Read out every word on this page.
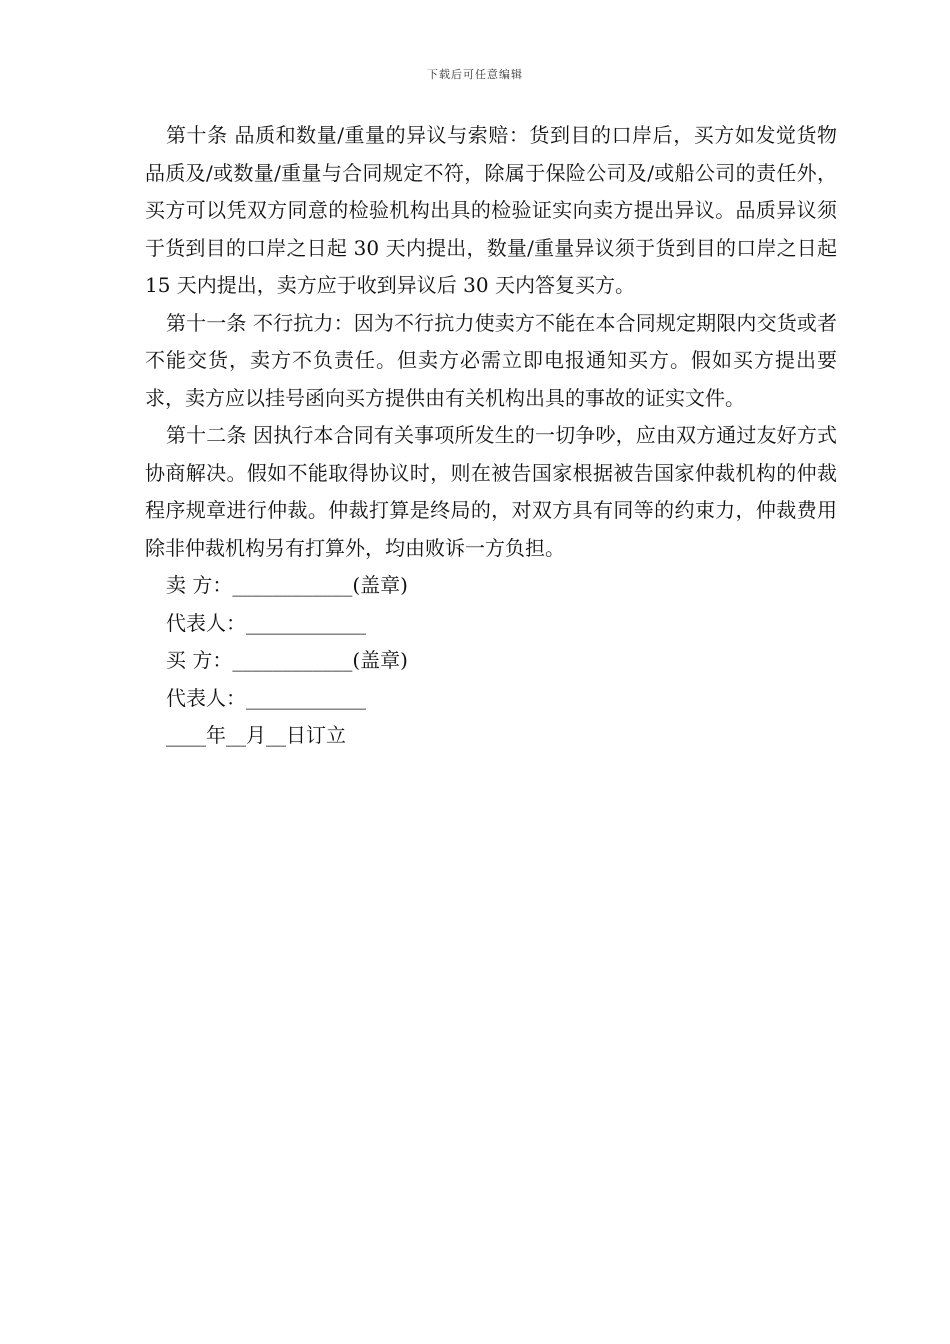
下载后可任意编辑

第十条 品质和数量/重量的异议与索赔：货到目的口岸后，买方如发觉货物品质及/或数量/重量与合同规定不符，除属于保险公司及/或船公司的责任外，买方可以凭双方同意的检验机构出具的检验证实向卖方提出异议。品质异议须于货到目的口岸之日起 30 天内提出，数量/重量异议须于货到目的口岸之日起 15 天内提出，卖方应于收到异议后 30 天内答复买方。

第十一条 不行抗力：因为不行抗力使卖方不能在本合同规定期限内交货或者不能交货，卖方不负责任。但卖方必需立即电报通知买方。假如买方提出要求，卖方应以挂号函向买方提供由有关机构出具的事故的证实文件。

第十二条 因执行本合同有关事项所发生的一切争吵，应由双方通过友好方式协商解决。假如不能取得协议时，则在被告国家根据被告国家仲裁机构的仲裁程序规章进行仲裁。仲裁打算是终局的，对双方具有同等的约束力，仲裁费用除非仲裁机构另有打算外，均由败诉一方负担。

卖 方：____________(盖章)

代表人：____________

买 方：____________(盖章)

代表人：____________

____年__月__日订立
